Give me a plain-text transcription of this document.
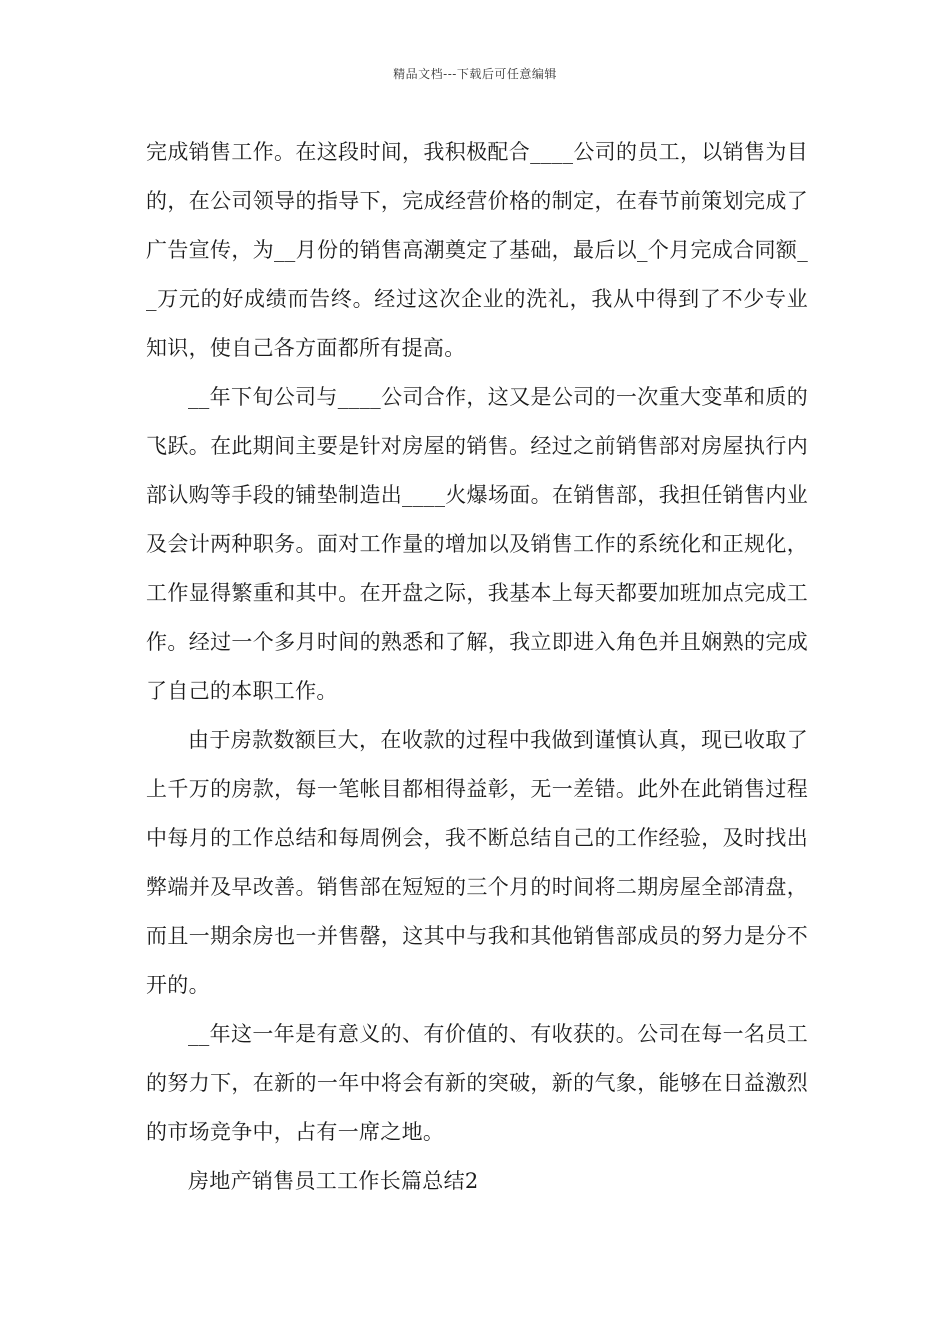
精品文档---下载后可任意编辑

完成销售工作。在这段时间，我积极配合____公司的员工，以销售为目的，在公司领导的指导下，完成经营价格的制定，在春节前策划完成了广告宣传，为__月份的销售高潮奠定了基础，最后以_个月完成合同额__万元的好成绩而告终。经过这次企业的洗礼，我从中得到了不少专业知识，使自己各方面都所有提高。

__年下旬公司与____公司合作，这又是公司的一次重大变革和质的飞跃。在此期间主要是针对房屋的销售。经过之前销售部对房屋执行内部认购等手段的铺垫制造出____火爆场面。在销售部，我担任销售内业及会计两种职务。面对工作量的增加以及销售工作的系统化和正规化，工作显得繁重和其中。在开盘之际，我基本上每天都要加班加点完成工作。经过一个多月时间的熟悉和了解，我立即进入角色并且娴熟的完成了自己的本职工作。

由于房款数额巨大，在收款的过程中我做到谨慎认真，现已收取了上千万的房款，每一笔帐目都相得益彰，无一差错。此外在此销售过程中每月的工作总结和每周例会，我不断总结自己的工作经验，及时找出弊端并及早改善。销售部在短短的三个月的时间将二期房屋全部清盘，而且一期余房也一并售罄，这其中与我和其他销售部成员的努力是分不开的。

__年这一年是有意义的、有价值的、有收获的。公司在每一名员工的努力下，在新的一年中将会有新的突破，新的气象，能够在日益激烈的市场竞争中，占有一席之地。

房地产销售员工工作长篇总结2
